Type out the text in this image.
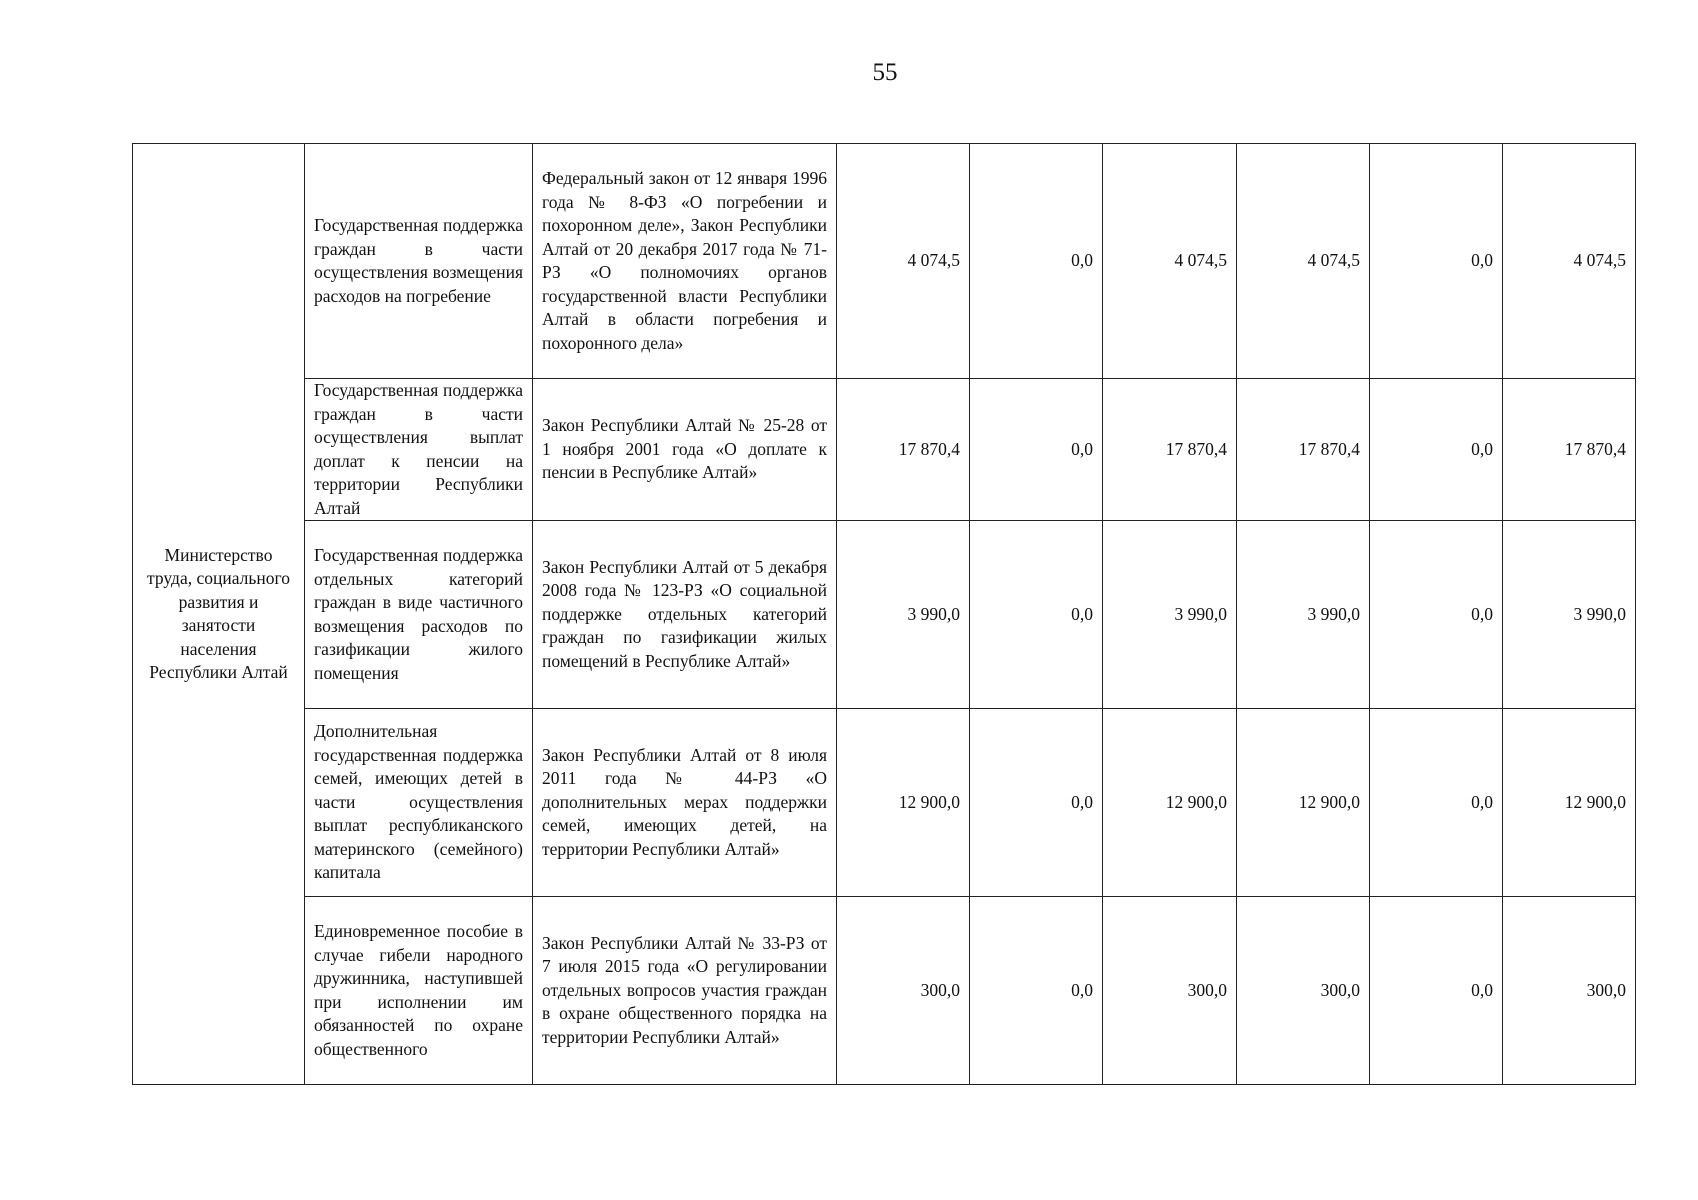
55
Министерство труда, социального развития и занятости населения Республики Алтай	Государственная поддержка граждан в части осуществления возмещения расходов на погребение	Федеральный закон от 12 января 1996 года № 8-ФЗ «О погребении и похоронном деле», Закон Республики Алтай от 20 декабря 2017 года № 71-РЗ «О полномочиях органов государственной власти Республики Алтай в области погребения и похоронного дела»	4 074,5	0,0	4 074,5	4 074,5	0,0	4 074,5
	Государственная поддержка граждан в части осуществления выплат доплат к пенсии на территории Республики Алтай	Закон Республики Алтай № 25-28 от 1 ноября 2001 года «О доплате к пенсии в Республике Алтай»	17 870,4	0,0	17 870,4	17 870,4	0,0	17 870,4
	Государственная поддержка отдельных категорий граждан в виде частичного возмещения расходов по газификации жилого помещения	Закон Республики Алтай от 5 декабря 2008 года № 123-РЗ «О социальной поддержке отдельных категорий граждан по газификации жилых помещений в Республике Алтай»	3 990,0	0,0	3 990,0	3 990,0	0,0	3 990,0
	Дополнительная государственная поддержка семей, имеющих детей в части осуществления выплат республиканского материнского (семейного) капитала	Закон Республики Алтай от 8 июля 2011 года № 44-РЗ «О дополнительных мерах поддержки семей, имеющих детей, на территории Республики Алтай»	12 900,0	0,0	12 900,0	12 900,0	0,0	12 900,0
	Единовременное пособие в случае гибели народного дружинника, наступившей при исполнении им обязанностей по охране общественного	Закон Республики Алтай № 33-РЗ от 7 июля 2015 года «О регулировании отдельных вопросов участия граждан в охране общественного порядка на территории Республики Алтай»	300,0	0,0	300,0	300,0	0,0	300,0
